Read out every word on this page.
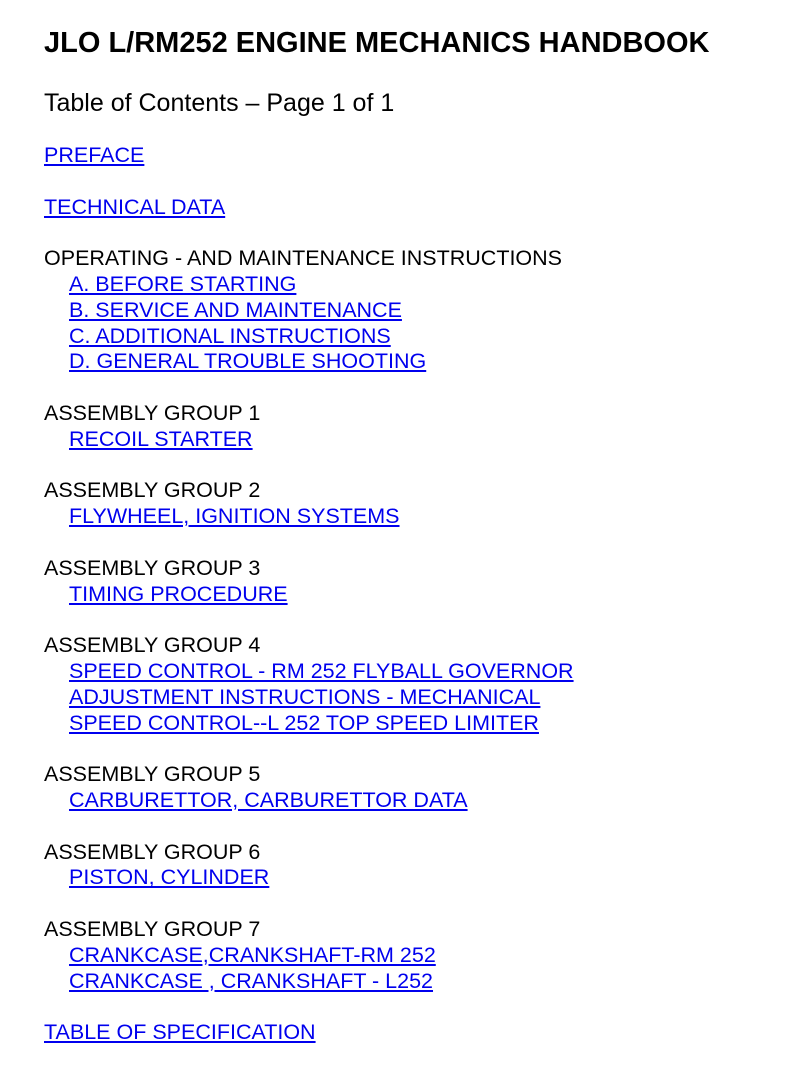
JLO L/RM252 ENGINE MECHANICS HANDBOOK
Table of Contents – Page 1 of 1
PREFACE
TECHNICAL DATA
OPERATING - AND MAINTENANCE INSTRUCTIONS
A. BEFORE STARTING
B. SERVICE AND MAINTENANCE
C. ADDITIONAL INSTRUCTIONS
D. GENERAL TROUBLE SHOOTING
ASSEMBLY GROUP 1
RECOIL STARTER
ASSEMBLY GROUP 2
FLYWHEEL, IGNITION SYSTEMS
ASSEMBLY GROUP 3
TIMING PROCEDURE
ASSEMBLY GROUP 4
SPEED CONTROL - RM 252 FLYBALL GOVERNOR
ADJUSTMENT INSTRUCTIONS - MECHANICAL
SPEED CONTROL--L 252 TOP SPEED LIMITER
ASSEMBLY GROUP 5
CARBURETTOR, CARBURETTOR DATA
ASSEMBLY GROUP 6
PISTON, CYLINDER
ASSEMBLY GROUP 7
CRANKCASE,CRANKSHAFT-RM 252
CRANKCASE , CRANKSHAFT - L252
TABLE OF SPECIFICATION
